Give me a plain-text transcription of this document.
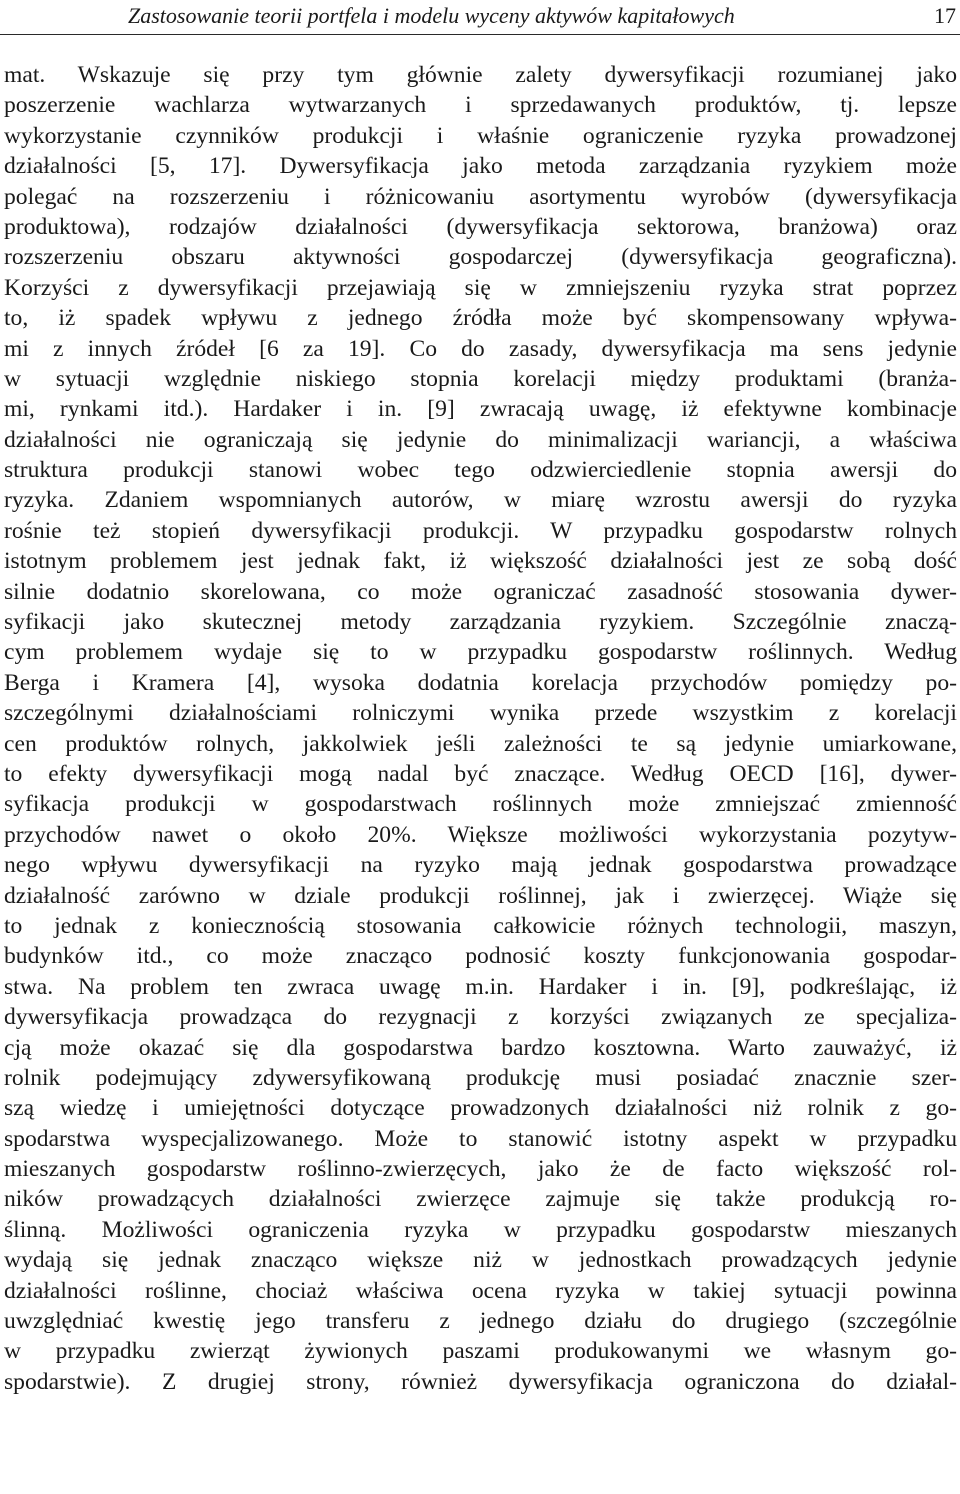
Zastosowanie teorii portfela i modelu wyceny aktywów kapitałowych	17
mat. Wskazuje się przy tym głównie zalety dywersyfikacji rozumianej jako
poszerzenie wachlarza wytwarzanych i sprzedawanych produktów, tj. lepsze
wykorzystanie czynników produkcji i właśnie ograniczenie ryzyka prowadzonej
działalności [5, 17]. Dywersyfikacja jako metoda zarządzania ryzykiem może
polegać na rozszerzeniu i różnicowaniu asortymentu wyrobów (dywersyfikacja
produktowa), rodzajów działalności (dywersyfikacja sektorowa, branżowa) oraz
rozszerzeniu obszaru aktywności gospodarczej (dywersyfikacja geograficzna).
Korzyści z dywersyfikacji przejawiają się w zmniejszeniu ryzyka strat poprzez
to, iż spadek wpływu z jednego źródła może być skompensowany wpływa-
mi z innych źródeł [6 za 19]. Co do zasady, dywersyfikacja ma sens jedynie
w sytuacji względnie niskiego stopnia korelacji między produktami (branża-
mi, rynkami itd.). Hardaker i in. [9] zwracają uwagę, iż efektywne kombinacje
działalności nie ograniczają się jedynie do minimalizacji wariancji, a właściwa
struktura produkcji stanowi wobec tego odzwierciedlenie stopnia awersji do
ryzyka. Zdaniem wspomnianych autorów, w miarę wzrostu awersji do ryzyka
rośnie też stopień dywersyfikacji produkcji. W przypadku gospodarstw rolnych
istotnym problemem jest jednak fakt, iż większość działalności jest ze sobą dość
silnie dodatnio skorelowana, co może ograniczać zasadność stosowania dywer-
syfikacji jako skutecznej metody zarządzania ryzykiem. Szczególnie znaczą-
cym problemem wydaje się to w przypadku gospodarstw roślinnych. Według
Berga i Kramera [4], wysoka dodatnia korelacja przychodów pomiędzy po-
szczególnymi działalnościami rolniczymi wynika przede wszystkim z korelacji
cen produktów rolnych, jakkolwiek jeśli zależności te są jedynie umiarkowane,
to efekty dywersyfikacji mogą nadal być znaczące. Według OECD [16], dywer-
syfikacja produkcji w gospodarstwach roślinnych może zmniejszać zmienność
przychodów nawet o około 20%. Większe możliwości wykorzystania pozytyw-
nego wpływu dywersyfikacji na ryzyko mają jednak gospodarstwa prowadzące
działalność zarówno w dziale produkcji roślinnej, jak i zwierzęcej. Wiąże się
to jednak z koniecznością stosowania całkowicie różnych technologii, maszyn,
budynków itd., co może znacząco podnosić koszty funkcjonowania gospodar-
stwa. Na problem ten zwraca uwagę m.in. Hardaker i in. [9], podkreślając, iż
dywersyfikacja prowadząca do rezygnacji z korzyści związanych ze specjaliza-
cją może okazać się dla gospodarstwa bardzo kosztowna. Warto zauważyć, iż
rolnik podejmujący zdywersyfikowaną produkcję musi posiadać znacznie szer-
szą wiedzę i umiejętności dotyczące prowadzonych działalności niż rolnik z go-
spodarstwa wyspecjalizowanego. Może to stanowić istotny aspekt w przypadku
mieszanych gospodarstw roślinno-zwierzęcych, jako że de facto większość rol-
ników prowadzących działalności zwierzęce zajmuje się także produkcją ro-
ślinną. Możliwości ograniczenia ryzyka w przypadku gospodarstw mieszanych
wydają się jednak znacząco większe niż w jednostkach prowadzących jedynie
działalności roślinne, chociaż właściwa ocena ryzyka w takiej sytuacji powinna
uwzględniać kwestię jego transferu z jednego działu do drugiego (szczególnie
w przypadku zwierząt żywionych paszami produkowanymi we własnym go-
spodarstwie). Z drugiej strony, również dywersyfikacja ograniczona do działal-
